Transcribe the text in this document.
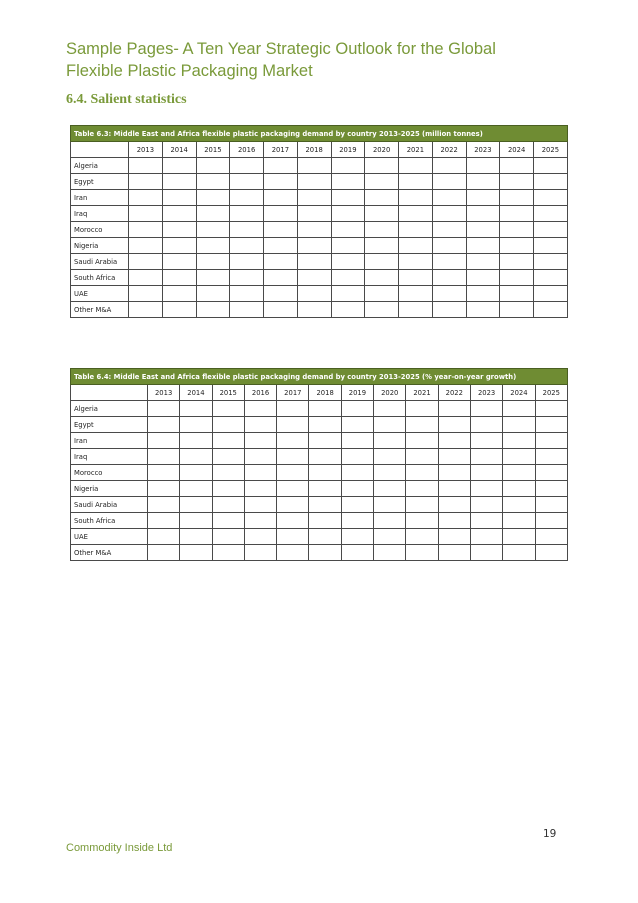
Sample Pages- A Ten Year Strategic Outlook for the Global
Flexible Plastic Packaging Market
6.4. Salient statistics
Table 6.3: Middle East and Africa flexible plastic packaging demand by country 2013-2025 (million tonnes)													
	2013	2014	2015	2016	2017	2018	2019	2020	2021	2022	2023	2024	2025
Algeria													
Egypt													
Iran													
Iraq													
Morocco													
Nigeria													
Saudi Arabia													
South Africa													
UAE													
Other M&A													
Table 6.4: Middle East and Africa flexible plastic packaging demand by country 2013-2025 (% year-on-year growth)													
	2013	2014	2015	2016	2017	2018	2019	2020	2021	2022	2023	2024	2025
Algeria													
Egypt													
Iran													
Iraq													
Morocco													
Nigeria													
Saudi Arabia													
South Africa													
UAE													
Other M&A													
19
Commodity Inside Ltd
